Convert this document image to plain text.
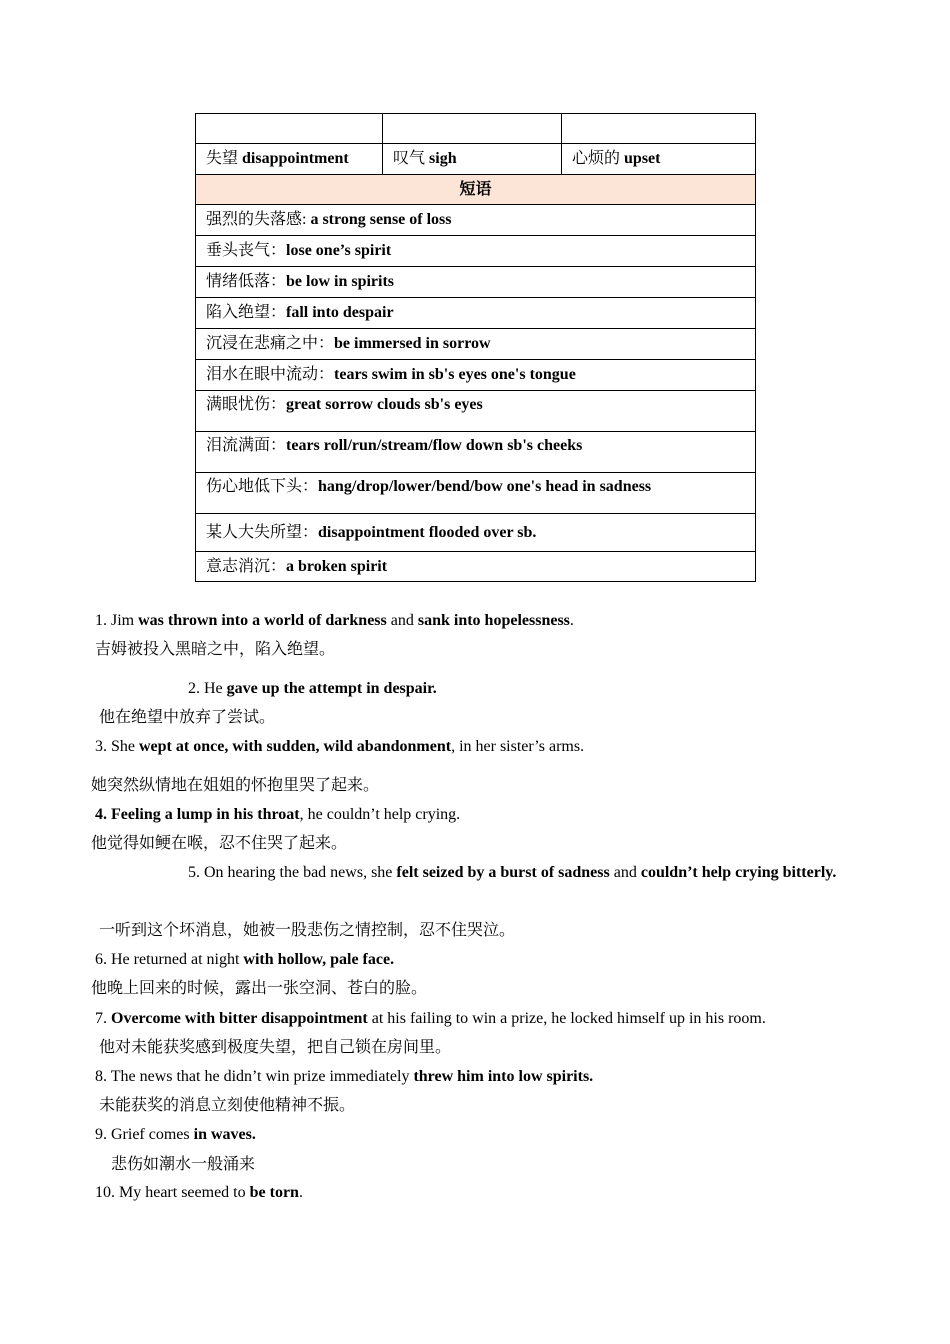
失望 disappointment	叹气 sigh	心烦的 upset
短语		
强烈的失落感: a strong sense of loss		
垂头丧气：lose one’s spirit		
情绪低落：be low in spirits		
陷入绝望：fall into despair		
沉浸在悲痛之中：be immersed in sorrow		
泪水在眼中流动：tears swim in sb's eyes one's tongue		
满眼忧伤：great sorrow clouds sb's eyes		
泪流满面：tears roll/run/stream/flow down sb's cheeks		
伤心地低下头：hang/drop/lower/bend/bow one's head in sadness		
某人大失所望：disappointment flooded over sb.		
意志消沉：a broken spirit		
1. Jim was thrown into a world of darkness and sank into hopelessness.
吉姆被投入黑暗之中，陷入绝望。
2. He gave up the attempt in despair.
他在绝望中放弃了尝试。
3. She wept at once, with sudden, wild abandonment, in her sister’s arms.
她突然纵情地在姐姐的怀抱里哭了起来。
4. Feeling a lump in his throat, he couldn’t help crying.
他觉得如鲠在喉，忍不住哭了起来。
5. On hearing the bad news, she felt seized by a burst of sadness and couldn’t help crying bitterly.
一听到这个坏消息，她被一股悲伤之情控制，忍不住哭泣。
6. He returned at night with hollow, pale face.
他晚上回来的时候，露出一张空洞、苍白的脸。
7. Overcome with bitter disappointment at his failing to win a prize, he locked himself up in his room.
他对未能获奖感到极度失望，把自己锁在房间里。
8. The news that he didn’t win prize immediately threw him into low spirits.
未能获奖的消息立刻使他精神不振。
9. Grief comes in waves.
悲伤如潮水一般涌来
10. My heart seemed to be torn.
